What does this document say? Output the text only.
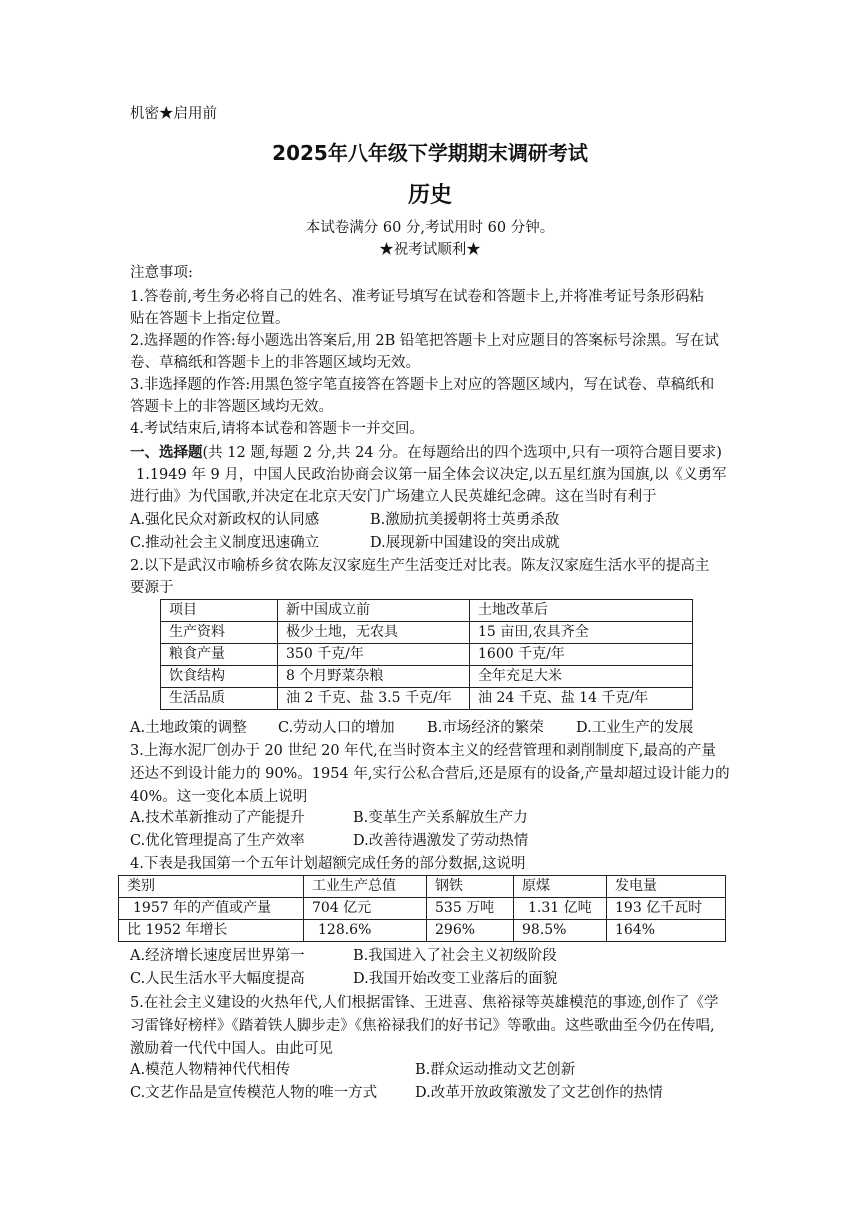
机密★启用前
2025年八年级下学期期末调研考试
历史
本试卷满分 60 分,考试用时 60 分钟。
★祝考试顺利★
注意事项:
1.答卷前,考生务必将自己的姓名、准考证号填写在试卷和答题卡上,并将准考证号条形码粘
贴在答题卡上指定位置。
2.选择题的作答:每小题选出答案后,用 2B 铅笔把答题卡上对应题目的答案标号涂黑。写在试
卷、草稿纸和答题卡上的非答题区域均无效。
3.非选择题的作答:用黑色签字笔直接答在答题卡上对应的答题区域内，写在试卷、草稿纸和
答题卡上的非答题区域均无效。
4.考试结束后,请将本试卷和答题卡一并交回。
一、选择题(共 12 题,每题 2 分,共 24 分。在每题给出的四个选项中,只有一项符合题目要求)
1.1949 年 9 月，中国人民政治协商会议第一届全体会议决定,以五星红旗为国旗,以《义勇军
进行曲》为代国歌,并决定在北京天安门广场建立人民英雄纪念碑。这在当时有利于
A.强化民众对新政权的认同感	B.激励抗美援朝将士英勇杀敌
C.推动社会主义制度迅速确立	D.展现新中国建设的突出成就
2.以下是武汉市喻桥乡贫农陈友汉家庭生产生活变迁对比表。陈友汉家庭生活水平的提高主
要源于
项目	新中国成立前	土地改革后
生产资料	极少土地，无农具	15 亩田,农具齐全
粮食产量	350 千克/年	1600 千克/年
饮食结构	8 个月野菜杂粮	全年充足大米
生活品质	油 2 千克、盐 3.5 千克/年	油 24 千克、盐 14 千克/年
A.土地政策的调整 C.劳动人口的增加 B.市场经济的繁荣 D.工业生产的发展
3.上海水泥厂创办于 20 世纪 20 年代,在当时资本主义的经营管理和剥削制度下,最高的产量
还达不到设计能力的 90%。1954 年,实行公私合营后,还是原有的设备,产量却超过设计能力的
40%。这一变化本质上说明
A.技术革新推动了产能提升	B.变革生产关系解放生产力
C.优化管理提高了生产效率	D.改善待遇激发了劳动热情
4.下表是我国第一个五年计划超额完成任务的部分数据,这说明
类别	工业生产总值	钢铁	原煤	发电量
1957 年的产值或产量	704 亿元	535 万吨	1.31 亿吨	193 亿千瓦时
比 1952 年增长	128.6%	296%	98.5%	164%
A.经济增长速度居世界第一	B.我国进入了社会主义初级阶段
C.人民生活水平大幅度提高	D.我国开始改变工业落后的面貌
5.在社会主义建设的火热年代,人们根据雷锋、王进喜、焦裕禄等英雄模范的事迹,创作了《学
习雷锋好榜样》《踏着铁人脚步走》《焦裕禄我们的好书记》等歌曲。这些歌曲至今仍在传唱,
激励着一代代中国人。由此可见
A.模范人物精神代代相传	B.群众运动推动文艺创新
C.文艺作品是宣传模范人物的唯一方式	D.改革开放政策激发了文艺创作的热情
